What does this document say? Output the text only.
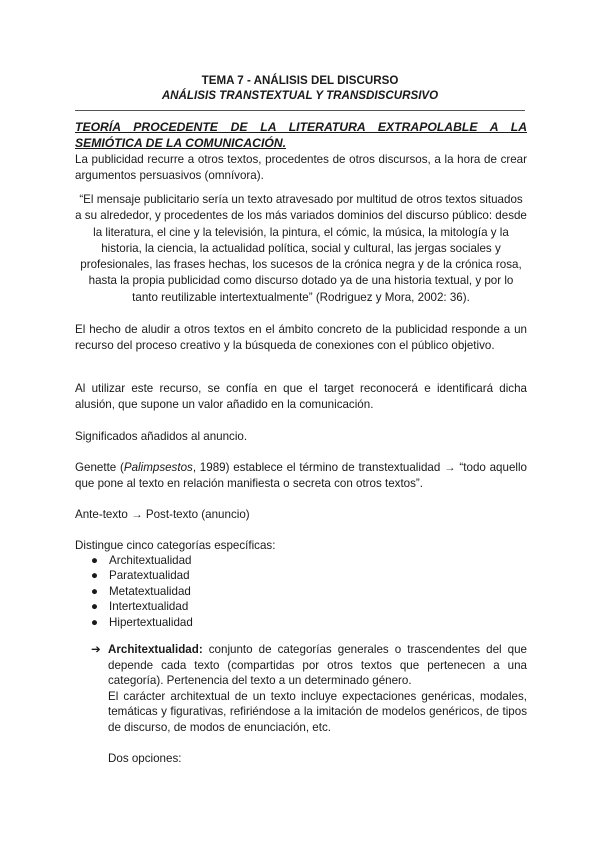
TEMA 7 - ANÁLISIS DEL DISCURSO
ANÁLISIS TRANSTEXTUAL Y TRANSDISCURSIVO
TEORÍA PROCEDENTE DE LA LITERATURA EXTRAPOLABLE A LA SEMIÓTICA DE LA COMUNICACIÓN.
La publicidad recurre a otros textos, procedentes de otros discursos, a la hora de crear argumentos persuasivos (omnívora).
“El mensaje publicitario sería un texto atravesado por multitud de otros textos situados a su alrededor, y procedentes de los más variados dominios del discurso público: desde la literatura, el cine y la televisión, la pintura, el cómic, la música, la mitología y la historia, la ciencia, la actualidad política, social y cultural, las jergas sociales y profesionales, las frases hechas, los sucesos de la crónica negra y de la crónica rosa, hasta la propia publicidad como discurso dotado ya de una historia textual, y por lo tanto reutilizable intertextualmente” (Rodriguez y Mora, 2002: 36).
El hecho de aludir a otros textos en el ámbito concreto de la publicidad responde a un recurso del proceso creativo y la búsqueda de conexiones con el público objetivo.
Al utilizar este recurso, se confía en que el target reconocerá e identificará dicha alusión, que supone un valor añadido en la comunicación.
Significados añadidos al anuncio.
Genette (Palimpsestos, 1989) establece el término de transtextualidad → “todo aquello que pone al texto en relación manifiesta o secreta con otros textos”.
Ante-texto → Post-texto (anuncio)
Distingue cinco categorías específicas:
● Architextualidad
● Paratextualidad
● Metatextualidad
● Intertextualidad
● Hipertextualidad
➔ Architextualidad: conjunto de categorías generales o trascendentes del que depende cada texto (compartidas por otros textos que pertenecen a una categoría). Pertenencia del texto a un determinado género.
El carácter architextual de un texto incluye expectaciones genéricas, modales, temáticas y figurativas, refiriéndose a la imitación de modelos genéricos, de tipos de discurso, de modos de enunciación, etc.
Dos opciones:
